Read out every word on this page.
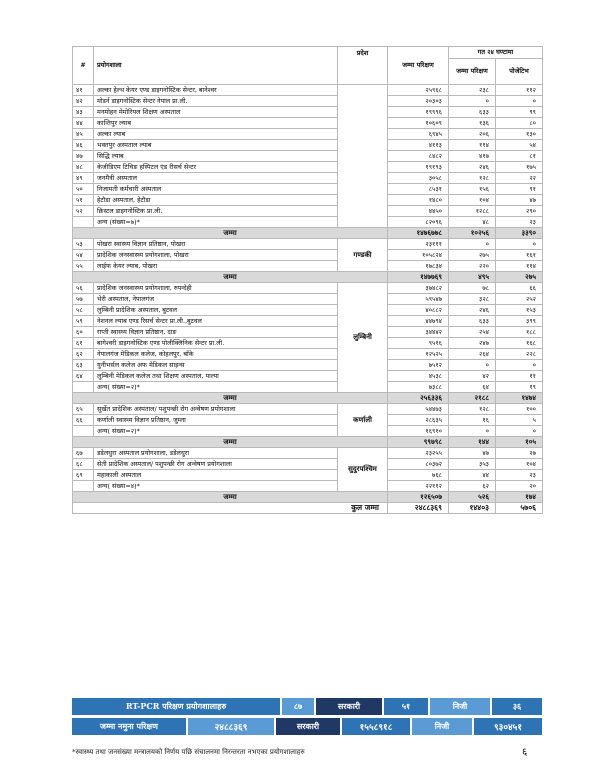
#	प्रयोगशाला	प्रदेश	जम्मा परिक्षण	गत २४ घण्टामा	
				जम्मा परिक्षण	पोजेटिभ

४१	अल्का हेल्थ केयर एण्ड डाइगनोस्टिक सेन्टर, बानेश्वर		२५९६८	२३८	११२
४२	मोडर्न डाइगनोस्टिक सेन्टर नेपाल प्रा.ली.		२०३०३	०	०
४३	मनमोहन मेमोरियल शिक्षण अस्पताल		१९९९६	६३३	९९
४४	कान्तिपुर ल्याब		१०६०९	१३६	८०
४५	अल्का ल्याब		६९४५	२०६	१३०
४६	भक्तपुर अस्पताल ल्याब		४११३	११४	५४
४७	सिद्धि ल्याब		८४८२	४१७	८१
४८	केजीडिएम टिचिङ हस्पिटल एंड रीसर्च सेन्टर		१९१९३	२४६	१७५
४९	जनमैत्री अस्पताल		३०५८	१२८	२२
५०	निजामती कर्मचारी अस्पताल		८५३१	१५६	९१
५१	हेटौडा अस्पताल, हेटौडा		१४८०	१०४	४७
५२	क्रिस्टल डाइगनोस्टिक प्रा.ली.		४४५०	१२८८	२९०
	अन्य (संख्या=७)*		८२०९६	४८	२३
जम्मा			१४७६७७८	१०२५६	३३९०
५३	पोखरा स्वास्थ्य विज्ञान प्रतिष्ठान, पोखरा	गण्डकी	२३१११	०	०
५४	प्रादेशिक जनस्वास्थ्य प्रयोगशाला, पोखरा		१०५८२४	२७५	१६१
५५	लाईफ केयर ल्याब, पोखरा		१७८३४	२२०	११४
जम्मा			१४७७६९	४९५	२७५
५६	प्रादेशिक जनस्वास्थ्य प्रयोगशाला, रुपन्देही	लुम्बिनी	३७४८२	७८	६६
५७	भेरी अस्पताल, नेपालगंज		५९५४७	३२८	२५२
५८	लुम्बिनी प्रादेशिक अस्पताल, बुटवल		४०८८२	२४६	१५३
५९	नेशनल ल्याब एण्ड रिसर्च सेन्टर प्रा.ली.,बुटवल		४४७९४	६३३	३९९
६०	राप्ती स्वास्थ्य विज्ञान प्रतिष्ठान, दाङ		३४४४२	२५४	१८८
६१	बागेश्वरी डाइगनोस्टिक एण्ड पोलीक्लिनिक सेन्टर प्रा.ली.		९५१६	२४७	१६८
६२	नेपालगंज मेडिकल कलेज, कोहलपुर, बाँके		१२५२५	२६४	२२८
६३	युनीभर्सल कलेज अफ मेडिकल साइन्स		७५१२	०	०
६४	लुम्बिनी मेडिकल कलेज तथा शिक्षण अस्पताल, पाल्पा		४५३८	४२	११
	अन्य( संख्या=२)*		७३८८	६४	१९
जम्मा			२५६३३६	२१८८	१४७४
६५	सुर्खेत प्रादेशिक अस्पताल/ पशुपन्छी रोग अन्वेषण प्रयोगशाला	कर्णाली	५४४७३	१२८	१००
६६	कर्णाली स्वास्थ्य विज्ञान प्रतिष्ठान, जुम्ला		२८६३५	१६	५
	अन्य( संख्या=२)*		१६९१०	०	०
जम्मा			९९७९८	१४४	१०५
६७	डडेलधुरा अस्पताल प्रयोगशाला, डडेलधुरा	सुदुरपश्चिम	२३२५५	४७	२७
६८	सेती प्रादेशिक अस्पताल/ पशुपन्छी रोग अन्वेषण प्रयोगशाला		८०३७२	३५३	१०४
६९	महाकाली अस्पताल		७६८	४४	२३
	अन्य( संख्या=४)*		२२११२	६२	२०
जम्मा			१२६५०७	५२६	१७४
कुल जम्मा			२४८८३६९	१४४०३	५७०६
RT-PCR परिक्षण प्रयोगशालाहरु	८७	सरकारी	५१	निजी	३६
जम्मा नमुना परिक्षण	२४८८३६९	सरकारी	१५५८९१८	निजी	९३०४५१
*स्वास्थ्य तथा जनसंख्या मन्त्रालयको निर्णय पछि संचालनमा निरन्तरता नभएका प्रयोगशालाहरु	६
